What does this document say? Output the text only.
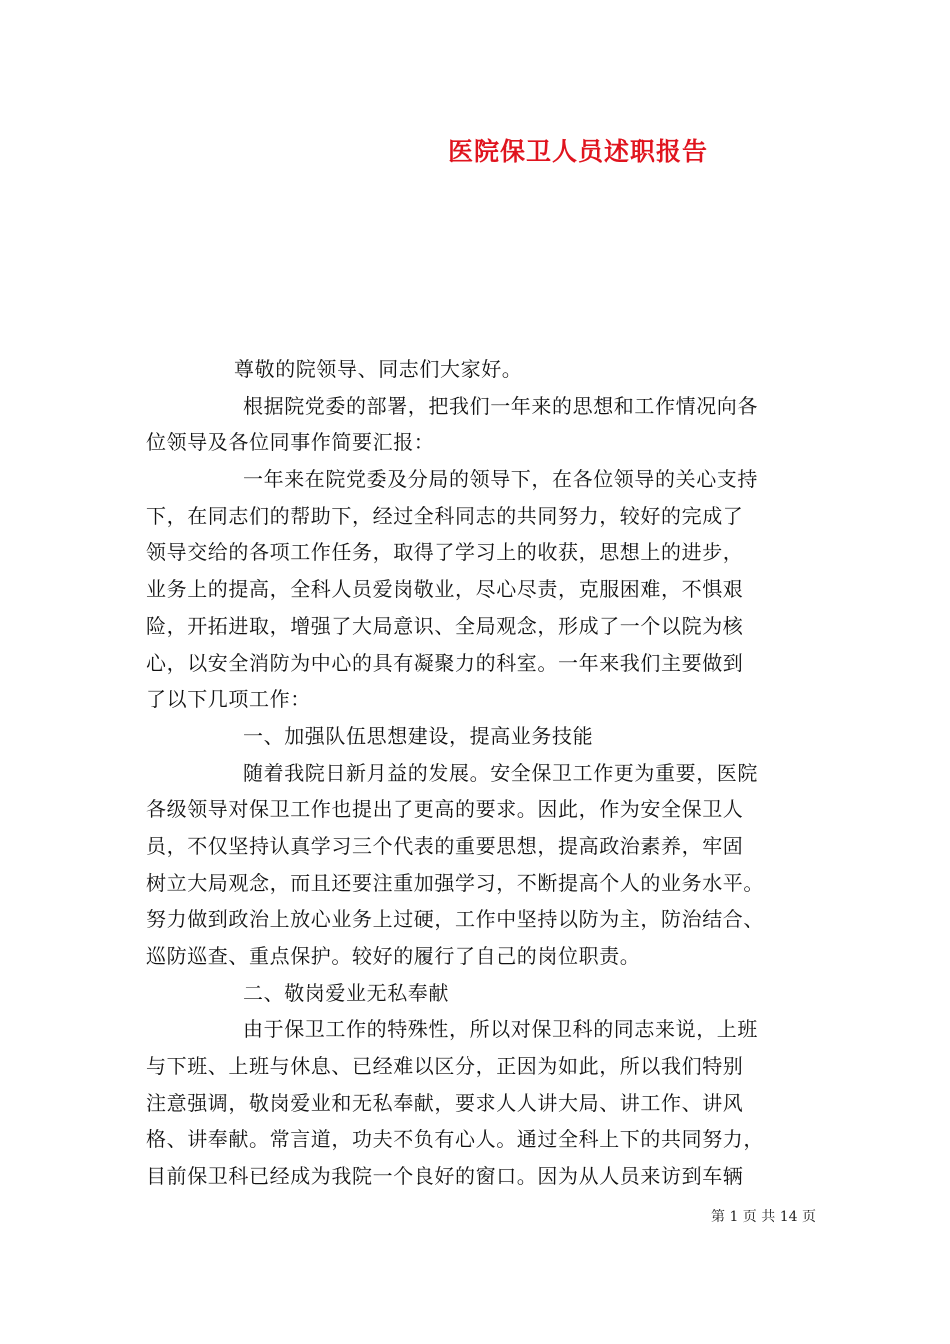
医院保卫人员述职报告
尊敬的院领导、同志们大家好。
根据院党委的部署，把我们一年来的思想和工作情况向各
位领导及各位同事作简要汇报：
一年来在院党委及分局的领导下，在各位领导的关心支持
下，在同志们的帮助下，经过全科同志的共同努力，较好的完成了
领导交给的各项工作任务，取得了学习上的收获，思想上的进步，
业务上的提高，全科人员爱岗敬业，尽心尽责，克服困难，不惧艰
险，开拓进取，增强了大局意识、全局观念，形成了一个以院为核
心，以安全消防为中心的具有凝聚力的科室。一年来我们主要做到
了以下几项工作：
一、加强队伍思想建设，提高业务技能
随着我院日新月益的发展。安全保卫工作更为重要，医院
各级领导对保卫工作也提出了更高的要求。因此，作为安全保卫人
员，不仅坚持认真学习三个代表的重要思想，提高政治素养，牢固
树立大局观念，而且还要注重加强学习，不断提高个人的业务水平。
努力做到政治上放心业务上过硬，工作中坚持以防为主，防治结合、
巡防巡查、重点保护。较好的履行了自己的岗位职责。
二、敬岗爱业无私奉献
由于保卫工作的特殊性，所以对保卫科的同志来说，上班
与下班、上班与休息、已经难以区分，正因为如此，所以我们特别
注意强调，敬岗爱业和无私奉献，要求人人讲大局、讲工作、讲风
格、讲奉献。常言道，功夫不负有心人。通过全科上下的共同努力，
目前保卫科已经成为我院一个良好的窗口。因为从人员来访到车辆
第 1 页 共 14 页
